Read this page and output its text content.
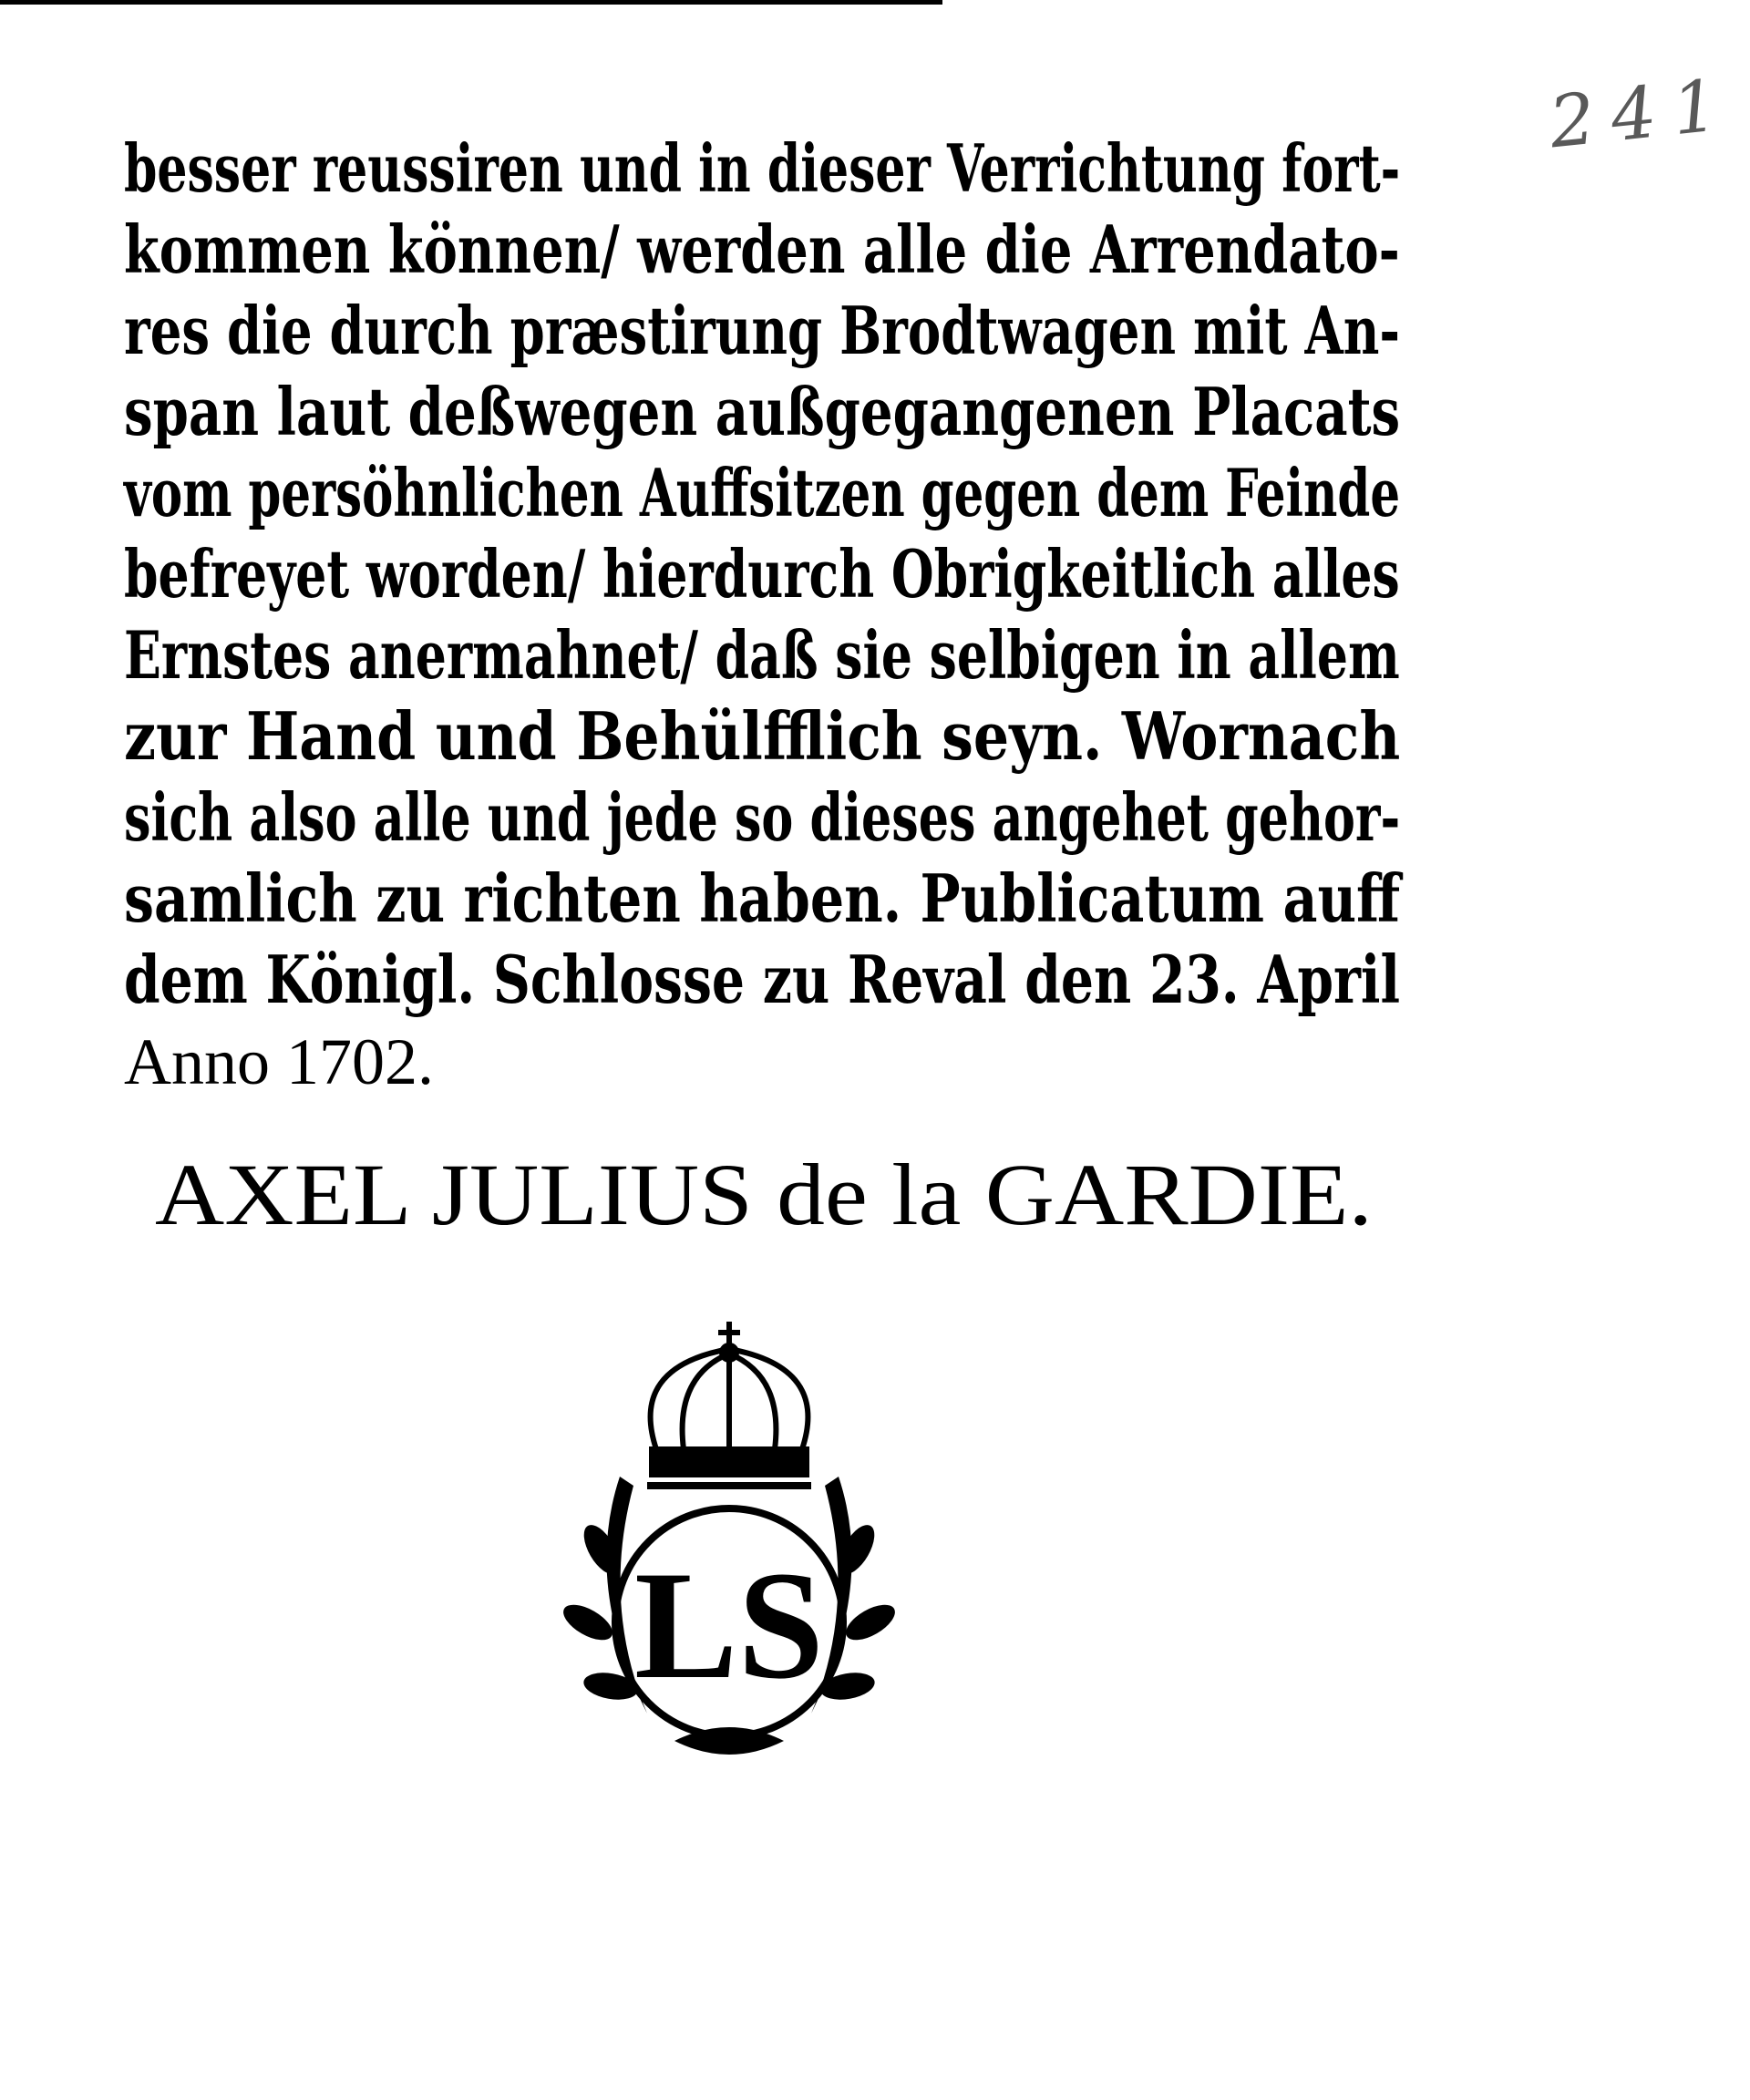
241
besser reussiren und in dieser Verrichtung fort-
kommen können/ werden alle die Arrendato-
res die durch præstirung Brodtwagen mit An-
span laut deßwegen außgegangenen Placats
vom persöhnlichen Auffsitzen gegen dem Feinde
befreyet worden/ hierdurch Obrigkeitlich alles
Ernstes anermahnet/ daß sie selbigen in allem
zur Hand und Behülfflich seyn. Wornach
sich also alle und jede so dieses angehet gehor-
samlich zu richten haben. Publicatum auff
dem Königl. Schlosse zu Reval den 23. April
Anno 1702.
AXEL JULIUS de la GARDIE.
LS
